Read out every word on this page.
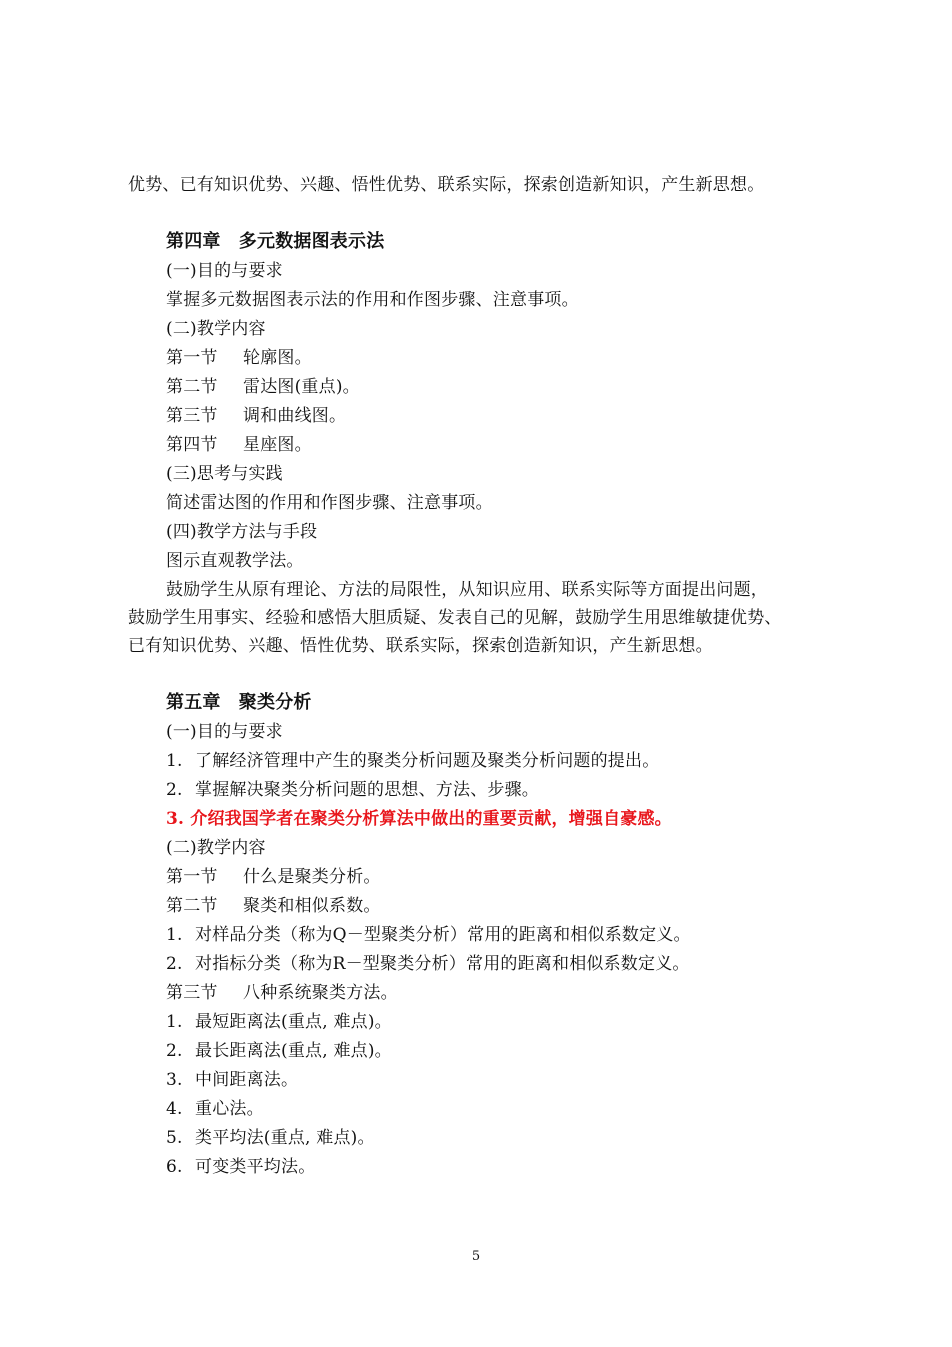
优势、已有知识优势、兴趣、悟性优势、联系实际，探索创造新知识，产生新思想。
第四章　多元数据图表示法
(一)目的与要求
掌握多元数据图表示法的作用和作图步骤、注意事项。
(二)教学内容
第一节 轮廓图。
第二节 雷达图(重点)。
第三节 调和曲线图。
第四节 星座图。
(三)思考与实践
简述雷达图的作用和作图步骤、注意事项。
(四)教学方法与手段
图示直观教学法。
鼓励学生从原有理论、方法的局限性，从知识应用、联系实际等方面提出问题，
鼓励学生用事实、经验和感悟大胆质疑、发表自己的见解，鼓励学生用思维敏捷优势、
已有知识优势、兴趣、悟性优势、联系实际，探索创造新知识，产生新思想。
第五章　聚类分析
(一)目的与要求
1. 了解经济管理中产生的聚类分析问题及聚类分析问题的提出。
2. 掌握解决聚类分析问题的思想、方法、步骤。
3. 介绍我国学者在聚类分析算法中做出的重要贡献，增强自豪感。
(二)教学内容
第一节 什么是聚类分析。
第二节 聚类和相似系数。
1. 对样品分类（称为Q－型聚类分析）常用的距离和相似系数定义。
2. 对指标分类（称为R－型聚类分析）常用的距离和相似系数定义。
第三节 八种系统聚类方法。
1. 最短距离法(重点, 难点)。
2. 最长距离法(重点, 难点)。
3. 中间距离法。
4. 重心法。
5. 类平均法(重点, 难点)。
6. 可变类平均法。
5
